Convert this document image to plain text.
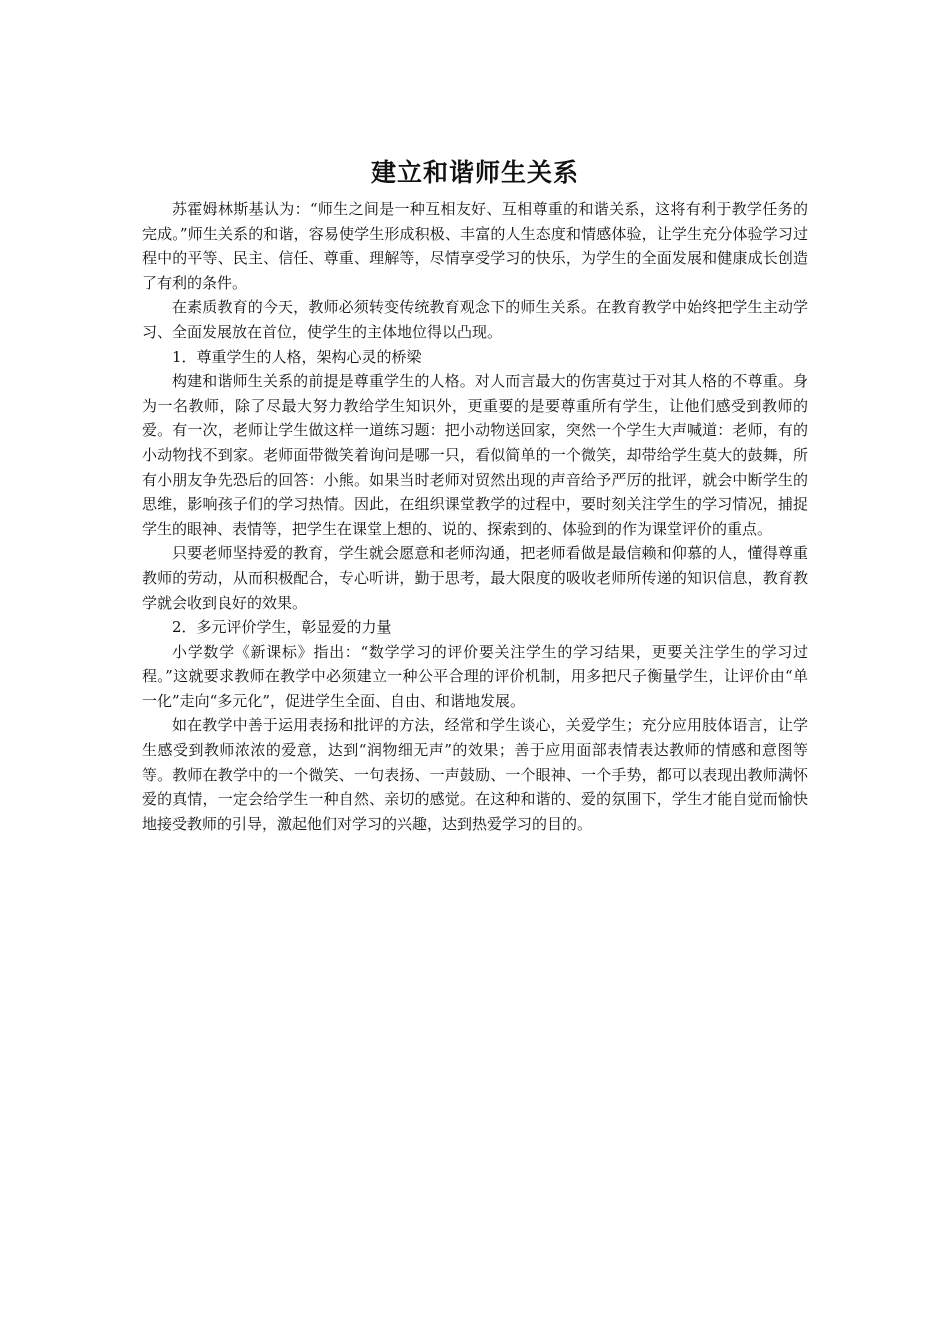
建立和谐师生关系

苏霍姆林斯基认为：“师生之间是一种互相友好、互相尊重的和谐关系，这将有利于教学任务的完成。”师生关系的和谐，容易使学生形成积极、丰富的人生态度和情感体验，让学生充分体验学习过程中的平等、民主、信任、尊重、理解等，尽情享受学习的快乐，为学生的全面发展和健康成长创造了有利的条件。

在素质教育的今天，教师必须转变传统教育观念下的师生关系。在教育教学中始终把学生主动学习、全面发展放在首位，使学生的主体地位得以凸现。

1．尊重学生的人格，架构心灵的桥梁

构建和谐师生关系的前提是尊重学生的人格。对人而言最大的伤害莫过于对其人格的不尊重。身为一名教师，除了尽最大努力教给学生知识外，更重要的是要尊重所有学生，让他们感受到教师的爱。有一次，老师让学生做这样一道练习题：把小动物送回家，突然一个学生大声喊道：老师，有的小动物找不到家。老师面带微笑着询问是哪一只，看似简单的一个微笑，却带给学生莫大的鼓舞，所有小朋友争先恐后的回答：小熊。如果当时老师对贸然出现的声音给予严厉的批评，就会中断学生的思维，影响孩子们的学习热情。因此，在组织课堂教学的过程中，要时刻关注学生的学习情况，捕捉学生的眼神、表情等，把学生在课堂上想的、说的、探索到的、体验到的作为课堂评价的重点。

只要老师坚持爱的教育，学生就会愿意和老师沟通，把老师看做是最信赖和仰慕的人，懂得尊重教师的劳动，从而积极配合，专心听讲，勤于思考，最大限度的吸收老师所传递的知识信息，教育教学就会收到良好的效果。

2．多元评价学生，彰显爱的力量

小学数学《新课标》指出：“数学学习的评价要关注学生的学习结果，更要关注学生的学习过程。”这就要求教师在教学中必须建立一种公平合理的评价机制，用多把尺子衡量学生，让评价由“单一化”走向“多元化”，促进学生全面、自由、和谐地发展。

如在教学中善于运用表扬和批评的方法，经常和学生谈心，关爱学生；充分应用肢体语言，让学生感受到教师浓浓的爱意，达到“润物细无声”的效果；善于应用面部表情表达教师的情感和意图等等。教师在教学中的一个微笑、一句表扬、一声鼓励、一个眼神、一个手势，都可以表现出教师满怀爱的真情，一定会给学生一种自然、亲切的感觉。在这种和谐的、爱的氛围下，学生才能自觉而愉快地接受教师的引导，激起他们对学习的兴趣，达到热爱学习的目的。
